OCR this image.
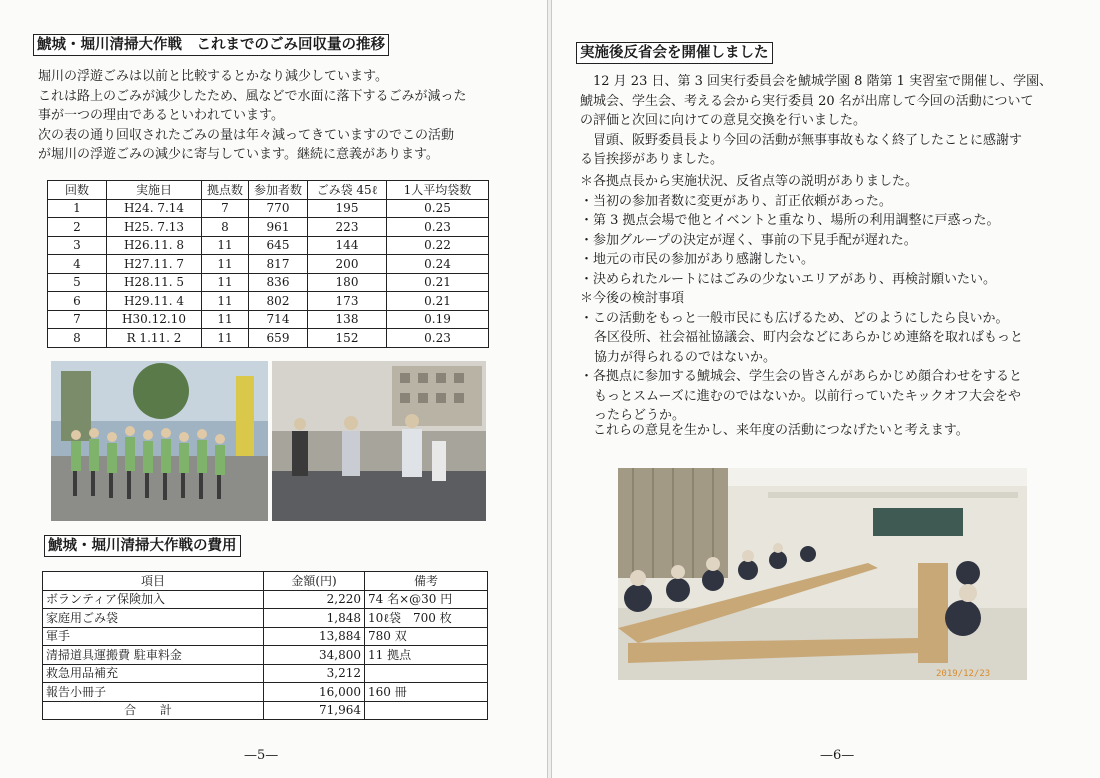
鯱城・堀川清掃大作戦　これまでのごみ回収量の推移
堀川の浮遊ごみは以前と比較するとかなり減少しています。
これは路上のごみが減少したため、風などで水面に落下するごみが減った
事が一つの理由であるといわれています。
次の表の通り回収されたごみの量は年々減ってきていますのでこの活動
が堀川の浮遊ごみの減少に寄与しています。継続に意義があります。
回数	実施日	拠点数	参加者数	ごみ袋 45ℓ	1人平均袋数
1	H24. 7.14	7	770	195	0.25
2	H25. 7.13	8	961	223	0.23
3	H26.11. 8	11	645	144	0.22
4	H27.11. 7	11	817	200	0.24
5	H28.11. 5	11	836	180	0.21
6	H29.11. 4	11	802	173	0.21
7	H30.12.10	11	714	138	0.19
8	R 1.11. 2	11	659	152	0.23
鯱城・堀川清掃大作戦の費用
項目	金額(円)	備考
ボランティア保険加入	2,220	74 名×@30 円
家庭用ごみ袋	1,848	10ℓ袋　700 枚
軍手	13,884	780 双
清掃道具運搬費 駐車料金	34,800	11 拠点
救急用品補充	3,212	
報告小冊子	16,000	160 冊
合 計	71,964	
—5—
実施後反省会を開催しました
　12 月 23 日、第 3 回実行委員会を鯱城学園 8 階第 1 実習室で開催し、学園、
鯱城会、学生会、考える会から実行委員 20 名が出席して今回の活動について
の評価と次回に向けての意見交換を行いました。
　冒頭、阪野委員長より今回の活動が無事事故もなく終了したことに感謝す
る旨挨拶がありました。
＊各拠点長から実施状況、反省点等の説明がありました。
・当初の参加者数に変更があり、訂正依頼があった。
・第 3 拠点会場で他とイベントと重なり、場所の利用調整に戸惑った。
・参加グループの決定が遅く、事前の下見手配が遅れた。
・地元の市民の参加があり感謝したい。
・決められたルートにはごみの少ないエリアがあり、再検討願いたい。
＊今後の検討事項
・この活動をもっと一般市民にも広げるため、どのようにしたら良いか。
各区役所、社会福祉協議会、町内会などにあらかじめ連絡を取ればもっと
協力が得られるのではないか。
・各拠点に参加する鯱城会、学生会の皆さんがあらかじめ顔合わせをすると
もっとスムーズに進むのではないか。以前行っていたキックオフ大会をや
ったらどうか。
　これらの意見を生かし、来年度の活動につなげたいと考えます。
2019/12/23
—6—
